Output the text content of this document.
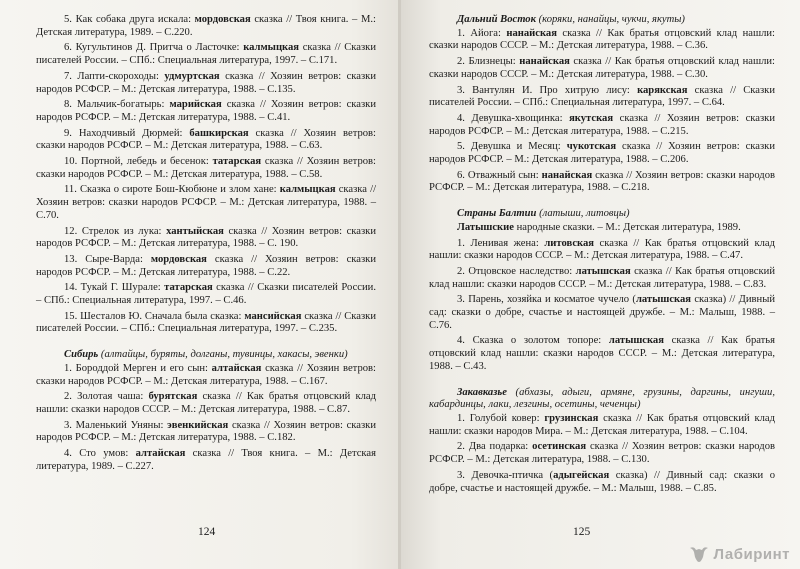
5. Как собака друга искала: мордовская сказка // Твоя книга. – М.: Детская литература, 1989. – С.220.
6. Кугультинов Д. Притча о Ласточке: калмыцкая сказка // Сказки писателей России. – СПб.: Специальная литература, 1997. – С.171.
7. Лапти-скороходы: удмуртская сказка // Хозяин ветров: сказки народов РСФСР. – М.: Детская литература, 1988. – С.135.
8. Мальчик-богатырь: марийская сказка // Хозяин ветров: сказки народов РСФСР. – М.: Детская литература, 1988. – С.41.
9. Находчивый Дюрмей: башкирская сказка // Хозяин ветров: сказки народов РСФСР. – М.: Детская литература, 1988. – С.63.
10. Портной, лебедь и бесенок: татарская сказка // Хозяин ветров: сказки народов РСФСР. – М.: Детская литература, 1988. – С.58.
11. Сказка о сироте Бош-Кюбюне и злом хане: калмыцкая сказка // Хозяин ветров: сказки народов РСФСР. – М.: Детская литература, 1988. – С.70.
12. Стрелок из лука: хантыйская сказка // Хозяин ветров: сказки народов РСФСР. – М.: Детская литература, 1988. – С. 190.
13. Сыре-Варда: мордовская сказка // Хозяин ветров: сказки народов РСФСР. – М.: Детская литература, 1988. – С.22.
14. Тукай Г. Шурале: татарская сказка // Сказки писателей России. – СПб.: Специальная литература, 1997. – С.46.
15. Шесталов Ю. Сначала была сказка: мансийская сказка // Сказки писателей России. – СПб.: Специальная литература, 1997. – С.235.
Сибирь (алтайцы, буряты, долганы, тувинцы, хакасы, эвенки)
1. Бороддой Мерген и его сын: алтайская сказка // Хозяин ветров: сказки народов РСФСР. – М.: Детская литература, 1988. – С.167.
2. Золотая чаша: бурятская сказка // Как братья отцовский клад нашли: сказки народов СССР. – М.: Детская литература, 1988. – С.87.
3. Маленький Уняны: эвенкийская сказка // Хозяин ветров: сказки народов РСФСР. – М.: Детская литература, 1988. – С.182.
4. Сто умов: алтайская сказка // Твоя книга. – М.: Детская литература, 1989. – С.227.
124
Дальний Восток (коряки, нанайцы, чукчи, якуты)
1. Айога: нанайская сказка // Как братья отцовский клад нашли: сказки народов СССР. – М.: Детская литература, 1988. – С.36.
2. Близнецы: нанайская сказка // Как братья отцовский клад нашли: сказки народов СССР. – М.: Детская литература, 1988. – С.30.
3. Вантулян И. Про хитрую лису: карякская сказка // Сказки писателей России. – СПб.: Специальная литература, 1997. – С.64.
4. Девушка-хвощинка: якутская сказка // Хозяин ветров: сказки народов РСФСР. – М.: Детская литература, 1988. – С.215.
5. Девушка и Месяц: чукотская сказка // Хозяин ветров: сказки народов РСФСР. – М.: Детская литература, 1988. – С.206.
6. Отважный сын: нанайская сказка // Хозяин ветров: сказки народов РСФСР. – М.: Детская литература, 1988. – С.218.
Страны Балтии (латыши, литовцы)
Латышские народные сказки. – М.: Детская литература, 1989.
1. Ленивая жена: литовская сказка // Как братья отцовский клад нашли: сказки народов СССР. – М.: Детская литература, 1988. – С.47.
2. Отцовское наследство: латышская сказка // Как братья отцовский клад нашли: сказки народов СССР. – М.: Детская литература, 1988. – С.83.
3. Парень, хозяйка и косматое чучело (латышская сказка) // Дивный сад: сказки о добре, счастье и настоящей дружбе. – М.: Малыш, 1988. – С.76.
4. Сказка о золотом топоре: латышская сказка // Как братья отцовский клад нашли: сказки народов СССР. – М.: Детская литература, 1988. – С.43.
Закавказье (абхазы, адыги, армяне, грузины, даргины, ингуши, кабардинцы, лаки, лезгины, осетины, чеченцы)
1. Голубой ковер: грузинская сказка // Как братья отцовский клад нашли: сказки народов Мира. – М.: Детская литература, 1988. – С.104.
2. Два подарка: осетинская сказка // Хозяин ветров: сказки народов РСФСР. – М.: Детская литература, 1988. – С.130.
3. Девочка-птичка (адыгейская сказка) // Дивный сад: сказки о добре, счастье и настоящей дружбе. – М.: Малыш, 1988. – С.85.
125
Лабиринт
